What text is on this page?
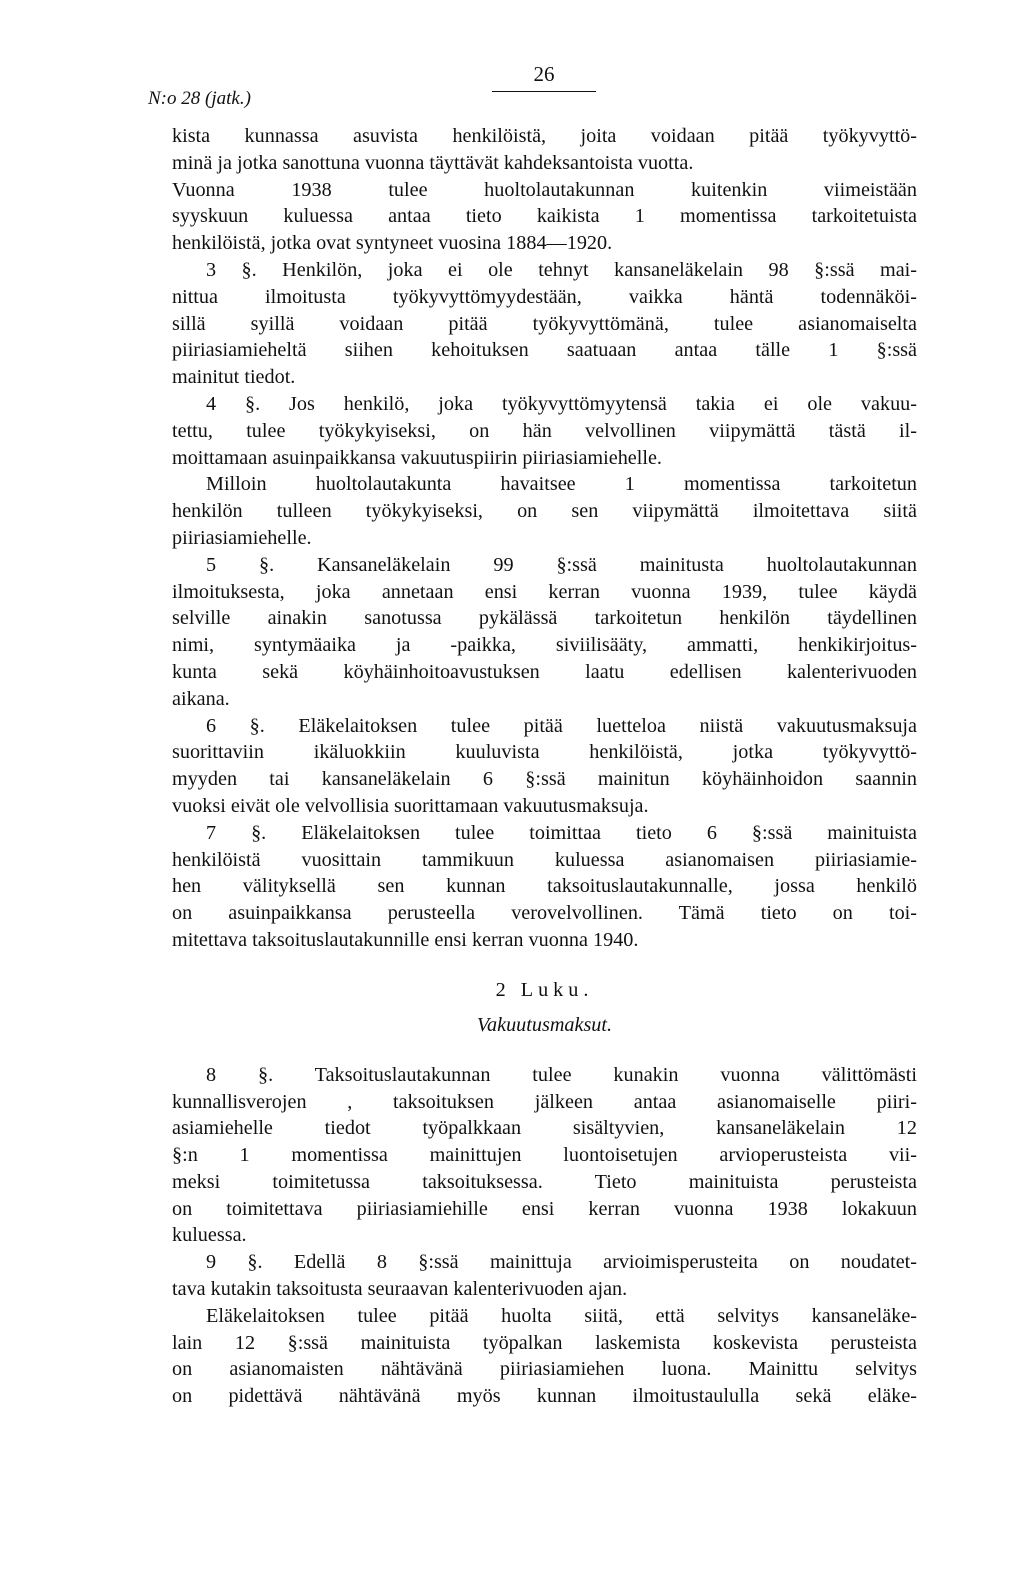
N:o 28 (jatk.)
26
kista kunnassa asuvista henkilöistä, joita voidaan pitää työkyvyttö-
minä ja jotka sanottuna vuonna täyttävät kahdeksantoista vuotta.
Vuonna 1938 tulee huoltolautakunnan kuitenkin viimeistään
syyskuun kuluessa antaa tieto kaikista 1 momentissa tarkoitetuista
henkilöistä, jotka ovat syntyneet vuosina 1884—1920.
3 §. Henkilön, joka ei ole tehnyt kansaneläkelain 98 §:ssä mai-
nittua ilmoitusta työkyvyttömyydestään, vaikka häntä todennäköi-
sillä syillä voidaan pitää työkyvyttömänä, tulee asianomaiselta
piiriasiamieheltä siihen kehoituksen saatuaan antaa tälle 1 §:ssä
mainitut tiedot.
4 §. Jos henkilö, joka työkyvyttömyytensä takia ei ole vakuu-
tettu, tulee työkykyiseksi, on hän velvollinen viipymättä tästä il-
moittamaan asuinpaikkansa vakuutuspiirin piiriasiamiehelle.
Milloin huoltolautakunta havaitsee 1 momentissa tarkoitetun
henkilön tulleen työkykyiseksi, on sen viipymättä ilmoitettava siitä
piiriasiamiehelle.
5 §. Kansaneläkelain 99 §:ssä mainitusta huoltolautakunnan
ilmoituksesta, joka annetaan ensi kerran vuonna 1939, tulee käydä
selville ainakin sanotussa pykälässä tarkoitetun henkilön täydellinen
nimi, syntymäaika ja -paikka, siviilisääty, ammatti, henkikirjoitus-
kunta sekä köyhäinhoitoavustuksen laatu edellisen kalenterivuoden
aikana.
6 §. Eläkelaitoksen tulee pitää luetteloa niistä vakuutusmaksuja
suorittaviin ikäluokkiin kuuluvista henkilöistä, jotka työkyvyttö-
myyden tai kansaneläkelain 6 §:ssä mainitun köyhäinhoidon saannin
vuoksi eivät ole velvollisia suorittamaan vakuutusmaksuja.
7 §. Eläkelaitoksen tulee toimittaa tieto 6 §:ssä mainituista
henkilöistä vuosittain tammikuun kuluessa asianomaisen piiriasiamie-
hen välityksellä sen kunnan taksoituslautakunnalle, jossa henkilö
on asuinpaikkansa perusteella verovelvollinen. Tämä tieto on toi-
mitettava taksoituslautakunnille ensi kerran vuonna 1940.
2 Luku.
Vakuutusmaksut.
8 §. Taksoituslautakunnan tulee kunakin vuonna välittömästi
kunnallisverojen , taksoituksen jälkeen antaa asianomaiselle piiri-
asiamiehelle tiedot työpalkkaan sisältyvien, kansaneläkelain 12
§:n 1 momentissa mainittujen luontoisetujen arvioperusteista vii-
meksi toimitetussa taksoituksessa. Tieto mainituista perusteista
on toimitettava piiriasiamiehille ensi kerran vuonna 1938 lokakuun
kuluessa.
9 §. Edellä 8 §:ssä mainittuja arvioimisperusteita on noudatet-
tava kutakin taksoitusta seuraavan kalenterivuoden ajan.
Eläkelaitoksen tulee pitää huolta siitä, että selvitys kansaneläke-
lain 12 §:ssä mainituista työpalkan laskemista koskevista perusteista
on asianomaisten nähtävänä piiriasiamiehen luona. Mainittu selvitys
on pidettävä nähtävänä myös kunnan ilmoitustaululla sekä eläke-
